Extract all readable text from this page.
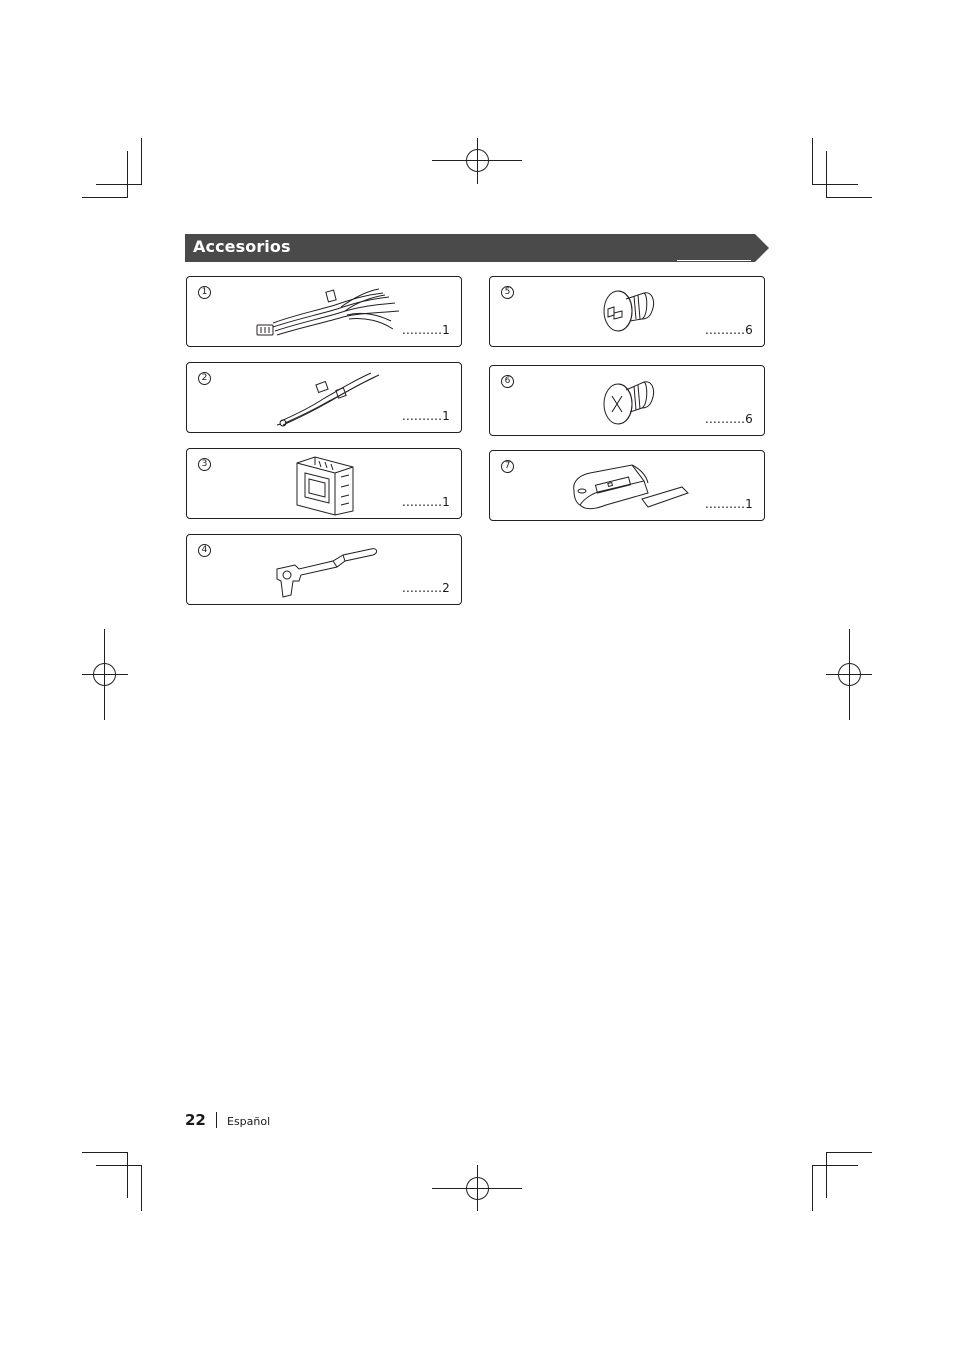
Accesorios
1
..........1
2
..........1
3
..........1
4
..........2
5
..........6
6
..........6
7
..........1
22 Español
